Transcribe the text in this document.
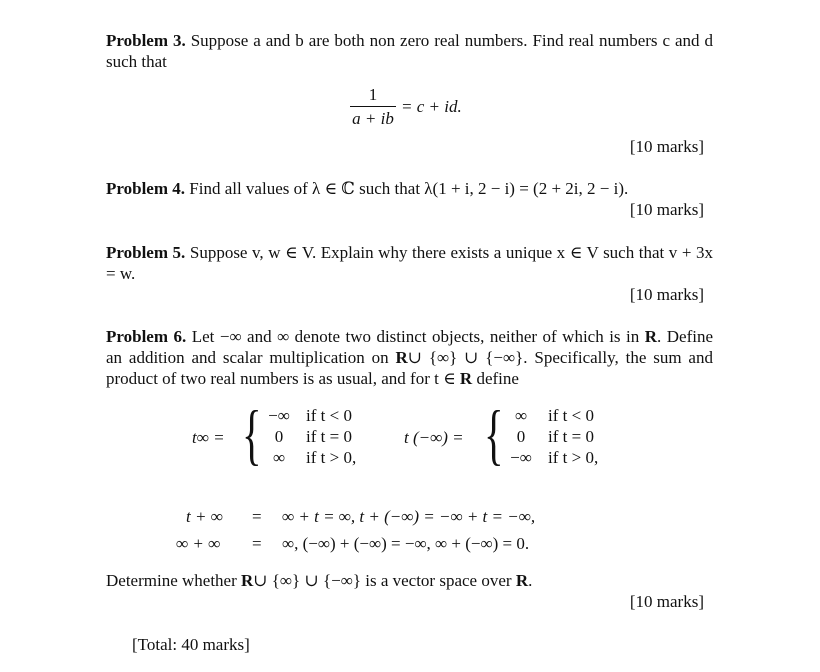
Problem 3. Suppose a and b are both non zero real numbers. Find real numbers c and d such that
1
a + ib
= c + id.
[10 marks]
Problem 4. Find all values of λ ∈ ℂ such that λ(1 + i, 2 − i) = (2 + 2i, 2 − i).
[10 marks]
Problem 5. Suppose v, w ∈ V. Explain why there exists a unique x ∈ V such that v + 3x = w.
[10 marks]
Problem 6. Let −∞ and ∞ denote two distinct objects, neither of which is in R. Define an addition and scalar multiplication on R∪ {∞} ∪ {−∞}. Specifically, the sum and product of two real numbers is as usual, and for t ∈ R define
t∞ = { −∞	if t < 0
0	if t = 0
∞	if t > 0,
t (−∞) = { ∞	if t < 0
0	if t = 0
−∞	if t > 0,
t + ∞ = ∞ + t = ∞, t + (−∞) = −∞ + t = −∞,
∞ + ∞ = ∞, (−∞) + (−∞) = −∞, ∞ + (−∞) = 0.
Determine whether R∪ {∞} ∪ {−∞} is a vector space over R.
[10 marks]
[Total: 40 marks]
